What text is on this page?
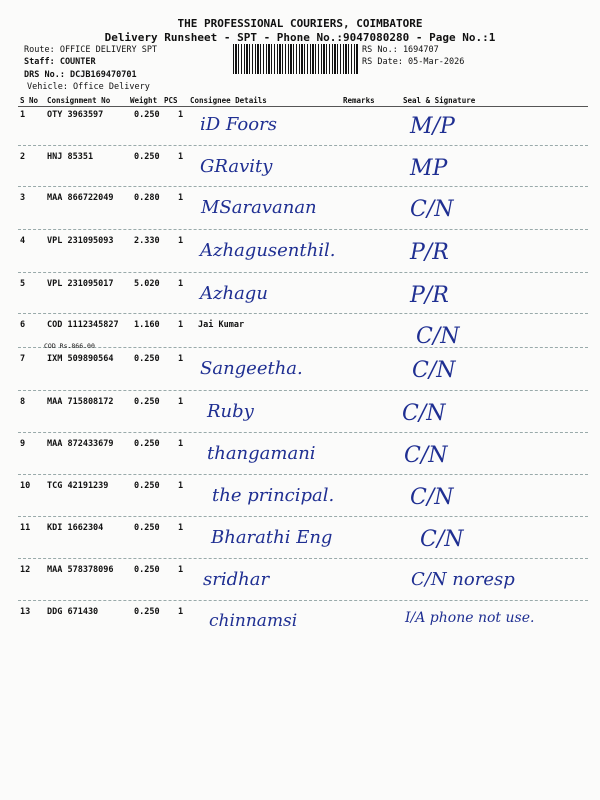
THE PROFESSIONAL COURIERS, COIMBATORE
Delivery Runsheet - SPT - Phone No.:9047080280 - Page No.:1
Route: OFFICE DELIVERY SPT
Staff: COUNTER
DRS No.: DCJB169470701
Vehicle: Office Delivery
RS No.: 1694707
RS Date: 05-Mar-2026
S No Consignment No	Weight PCS Consignee Details	Remarks	Seal & Signature
1	OTY 3963597	0.250 1 iD Foors	M/P
2	HNJ 85351	0.250 1 GRavity	MP
3	MAA 866722049 0.280 1 MSaravanan	C/N
4	VPL 231095093 2.330 1 Azhagusenthil.	P/R
5	VPL 231095017 5.020 1 Azhagu	P/R
6	COD 1112345827 1.160 1 Jai Kumar	C/N
7	IXM 509890564 0.250 1 Sangeetha.	C/N
8	MAA 715808172 0.250 1 Ruby	C/N
9	MAA 872433679 0.250 1 thangamani	C/N
10 TCG 42191239	0.250 1 the principal.	C/N
11 KDI 1662304	0.250 1 Bharathi Eng	C/N
12 MAA 578378096 0.250 1 sridhar	C/N noresp
13 DDG 671430	0.250 1 chinnamsi	I/A phone not use.
COD Rs.866.00
